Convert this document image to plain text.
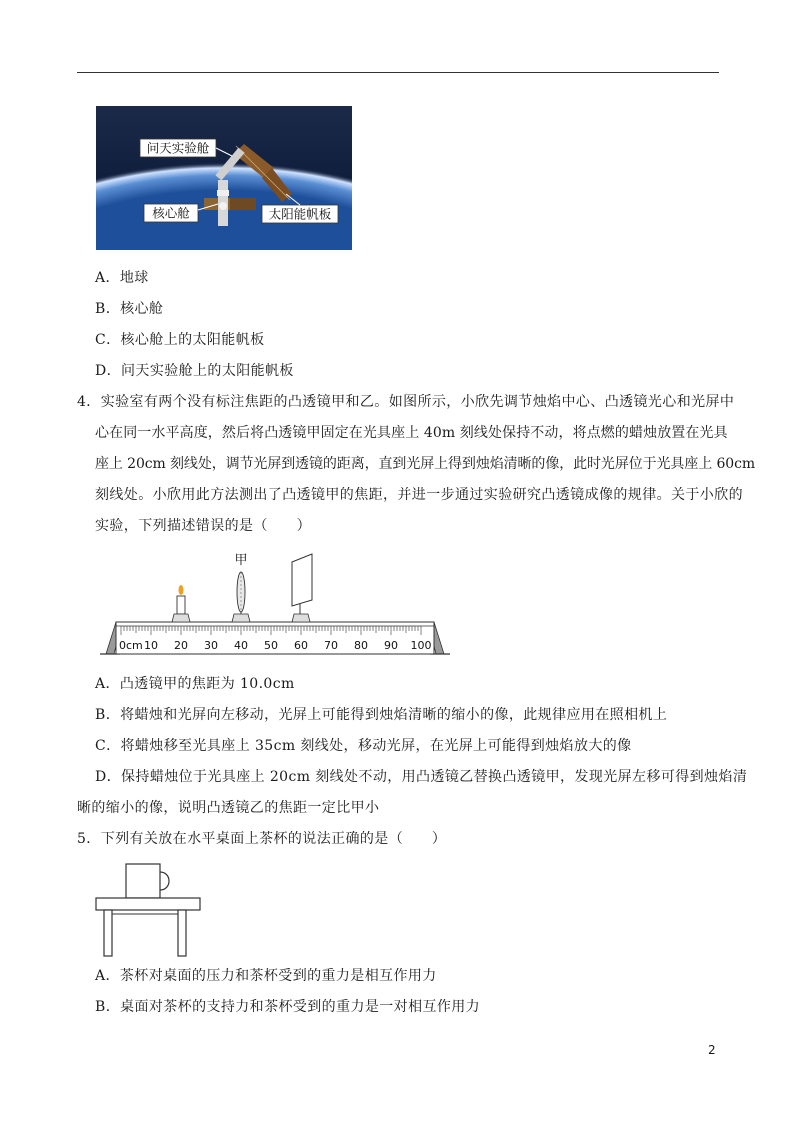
问天实验舱
核心舱	太阳能帆板
A．地球
B．核心舱
C．核心舱上的太阳能帆板
D．问天实验舱上的太阳能帆板
4．实验室有两个没有标注焦距的凸透镜甲和乙。如图所示，小欣先调节烛焰中心、凸透镜光心和光屏中
心在同一水平高度，然后将凸透镜甲固定在光具座上 40m 刻线处保持不动，将点燃的蜡烛放置在光具
座上 20cm 刻线处，调节光屏到透镜的距离，直到光屏上得到烛焰清晰的像，此时光屏位于光具座上 60cm
刻线处。小欣用此方法测出了凸透镜甲的焦距，并进一步通过实验研究凸透镜成像的规律。关于小欣的
实验，下列描述错误的是（　　）
0cm 10 20 30 40 50 60 70 80 90 100
甲
A．凸透镜甲的焦距为 10.0cm
B．将蜡烛和光屏向左移动，光屏上可能得到烛焰清晰的缩小的像，此规律应用在照相机上
C．将蜡烛移至光具座上 35cm 刻线处，移动光屏，在光屏上可能得到烛焰放大的像
D．保持蜡烛位于光具座上 20cm 刻线处不动，用凸透镜乙替换凸透镜甲，发现光屏左移可得到烛焰清
晰的缩小的像，说明凸透镜乙的焦距一定比甲小
5．下列有关放在水平桌面上茶杯的说法正确的是（　　）
A．茶杯对桌面的压力和茶杯受到的重力是相互作用力
B．桌面对茶杯的支持力和茶杯受到的重力是一对相互作用力
2
